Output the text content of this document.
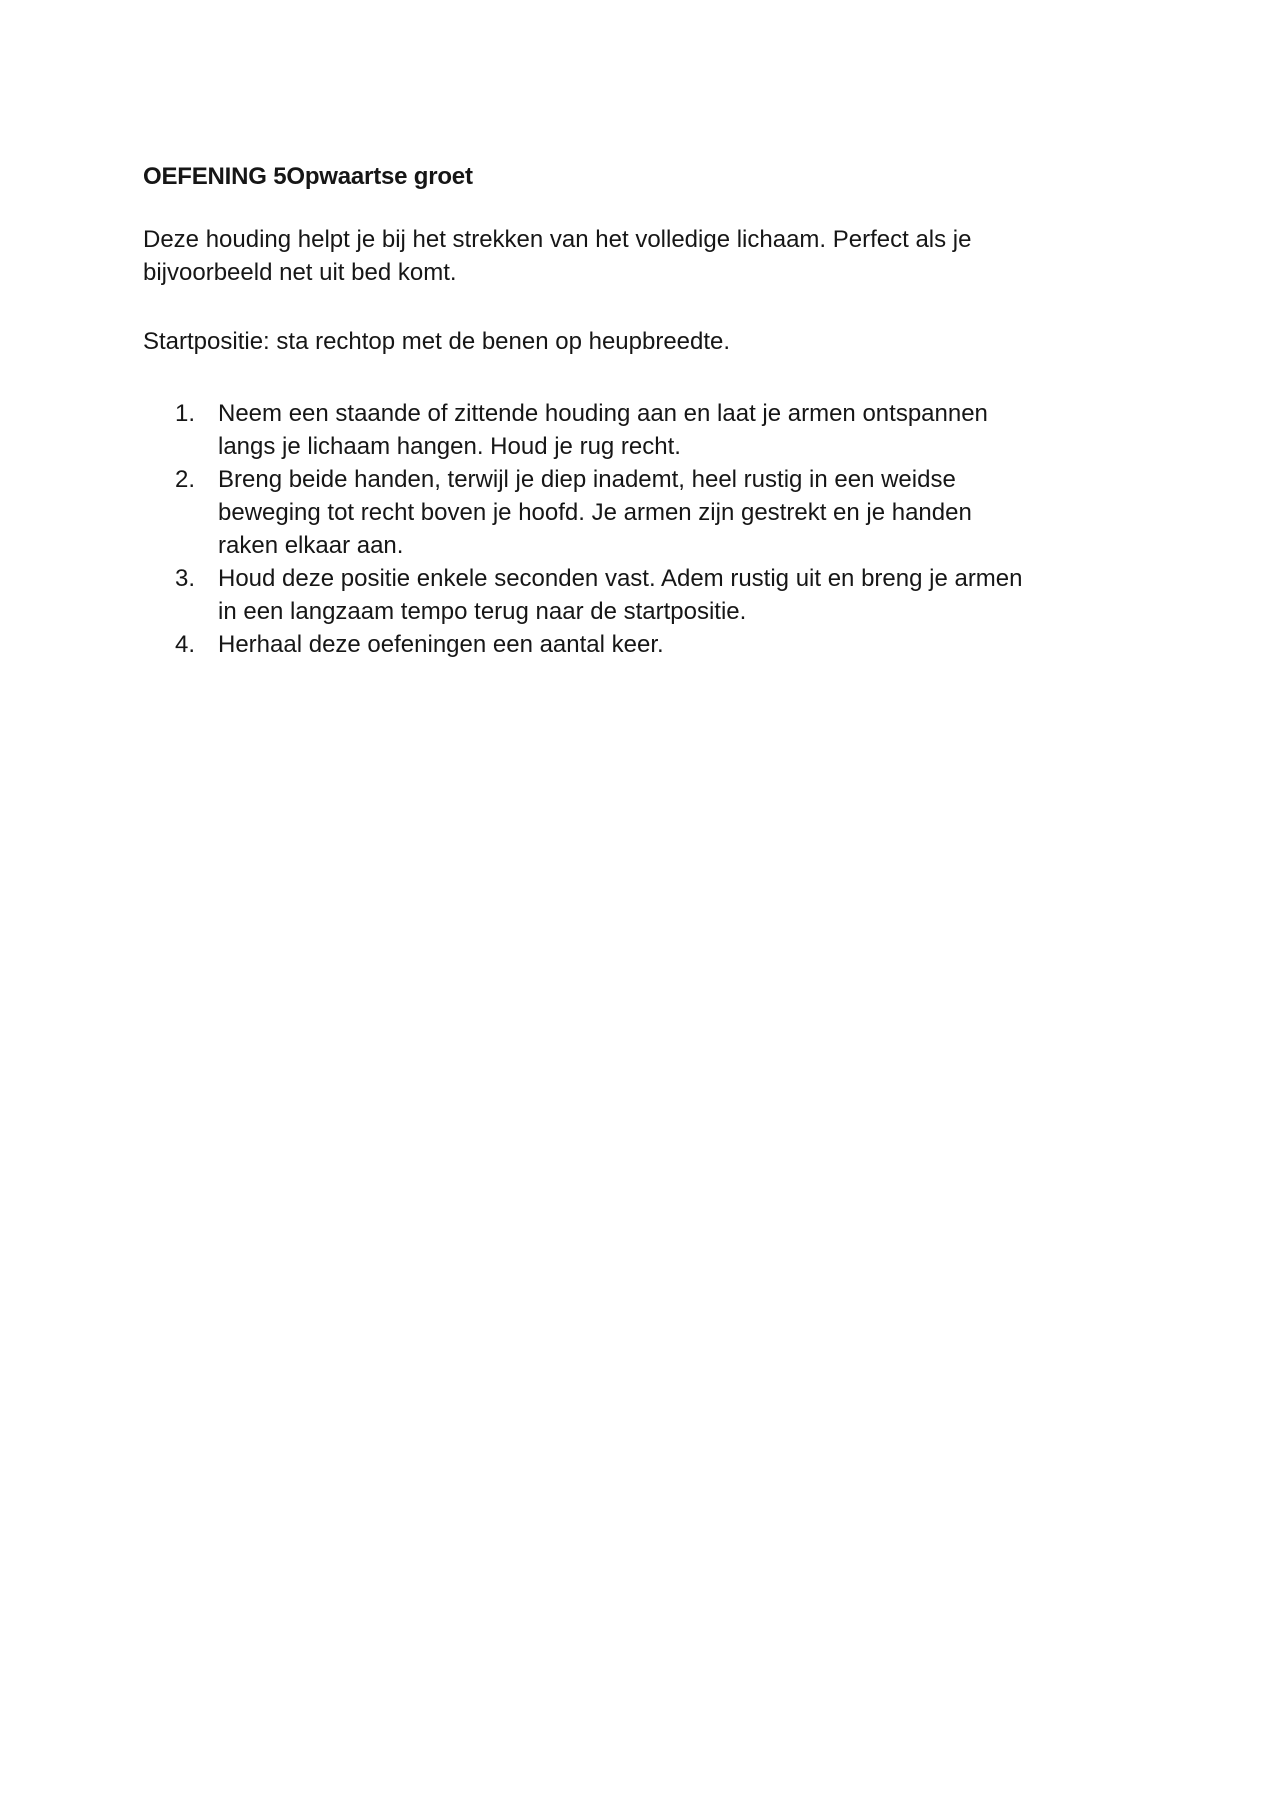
OEFENING 5Opwaartse groet
Deze houding helpt je bij het strekken van het volledige lichaam. Perfect als je
bijvoorbeeld net uit bed komt.
Startpositie: sta rechtop met de benen op heupbreedte.
1. Neem een staande of zittende houding aan en laat je armen ontspannen
langs je lichaam hangen. Houd je rug recht.
2. Breng beide handen, terwijl je diep inademt, heel rustig in een weidse
beweging tot recht boven je hoofd. Je armen zijn gestrekt en je handen
raken elkaar aan.
3. Houd deze positie enkele seconden vast. Adem rustig uit en breng je armen
in een langzaam tempo terug naar de startpositie.
4. Herhaal deze oefeningen een aantal keer.
